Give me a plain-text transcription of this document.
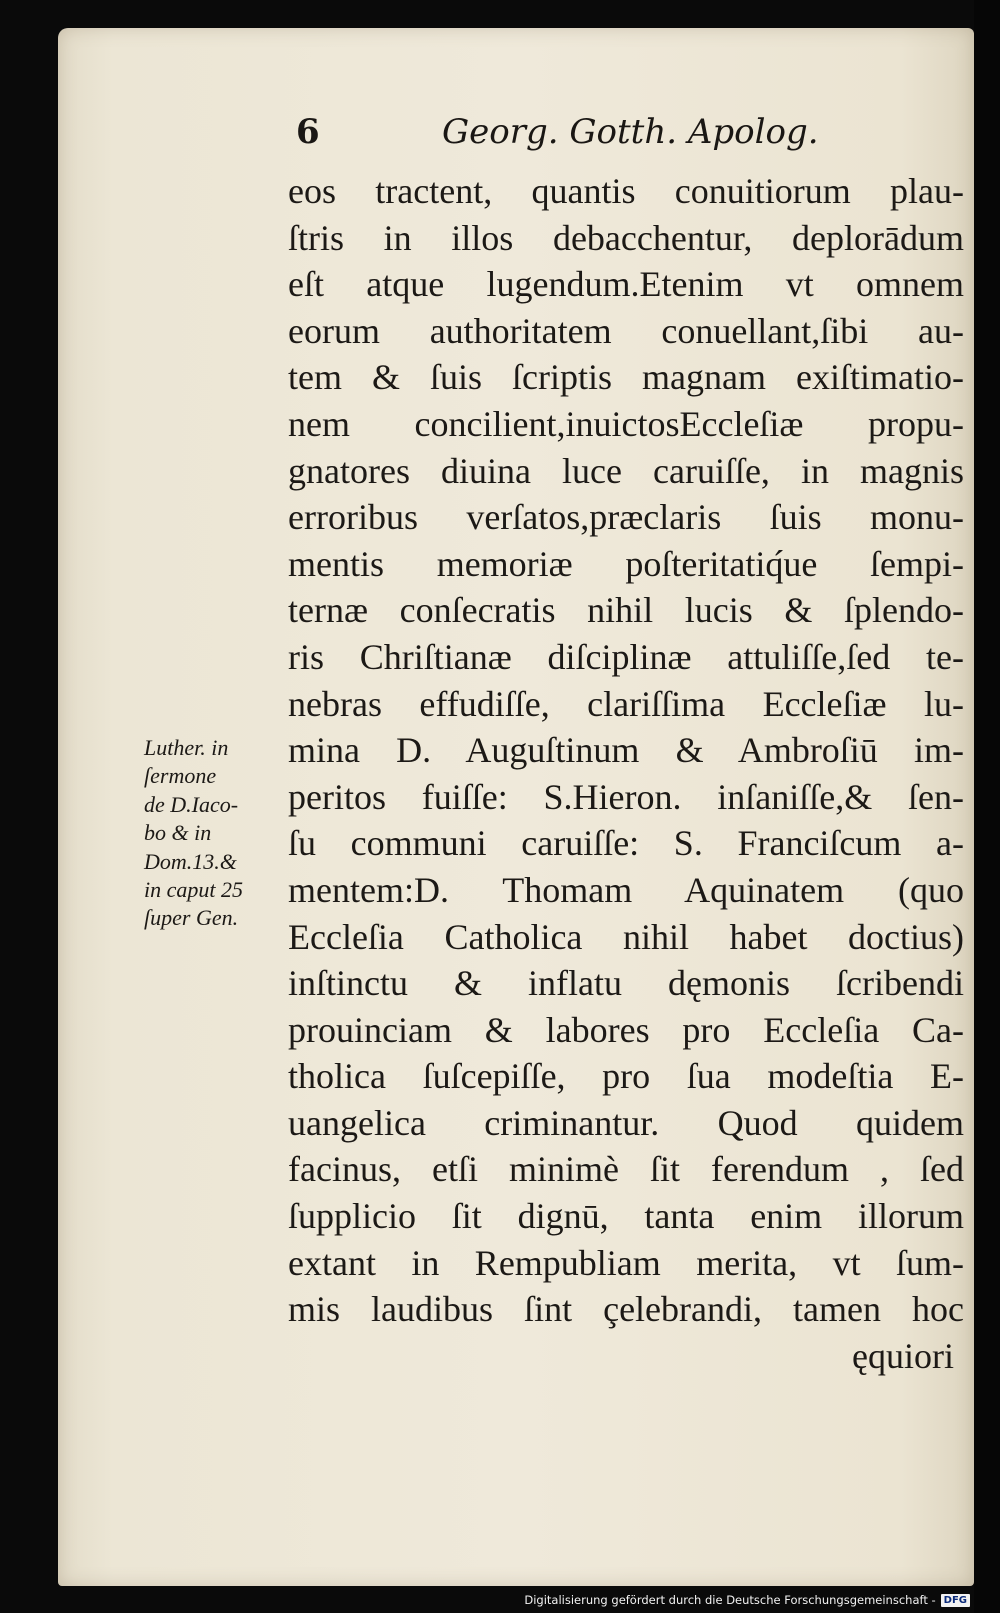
6	Georg. Gotth. Apolog.
eos tractent, quantis conuitiorum plau-
ſtris in illos debacchentur, deplorādum
eſt atque lugendum.Etenim vt omnem
eorum authoritatem conuellant,ſibi au-
tem & ſuis ſcriptis magnam exiſtimatio-
nem concilient,inuictosEccleſiæ propu-
gnatores diuina luce caruiſſe, in magnis
erroribus verſatos,præclaris ſuis monu-
mentis memoriæ poſteritatiq́ue ſempi-
ternæ conſecratis nihil lucis & ſplendo-
ris Chriſtianæ diſciplinæ attuliſſe,ſed te-
nebras effudiſſe, clariſſima Eccleſiæ lu-
mina D. Auguſtinum & Ambroſiū im-
peritos fuiſſe: S.Hieron. inſaniſſe,& ſen-
ſu communi caruiſſe: S. Franciſcum a-
mentem:D. Thomam Aquinatem (quo
Eccleſia Catholica nihil habet doctius)
inſtinctu & inflatu dęmonis ſcribendi
prouinciam & labores pro Eccleſia Ca-
tholica ſuſcepiſſe, pro ſua modeſtia E-
uangelica criminantur. Quod quidem
facinus, etſi minimè ſit ferendum , ſed
ſupplicio ſit dignū, tanta enim illorum
extant in Rempubliam merita, vt ſum-
mis laudibus ſint çelebrandi, tamen hoc
ęquiori
Luther. in
ſermone
de D.Iaco-
bo & in
Dom.13.&
in caput 25
ſuper Gen.
Digitalisierung gefördert durch die Deutsche Forschungsgemeinschaft - DFG
